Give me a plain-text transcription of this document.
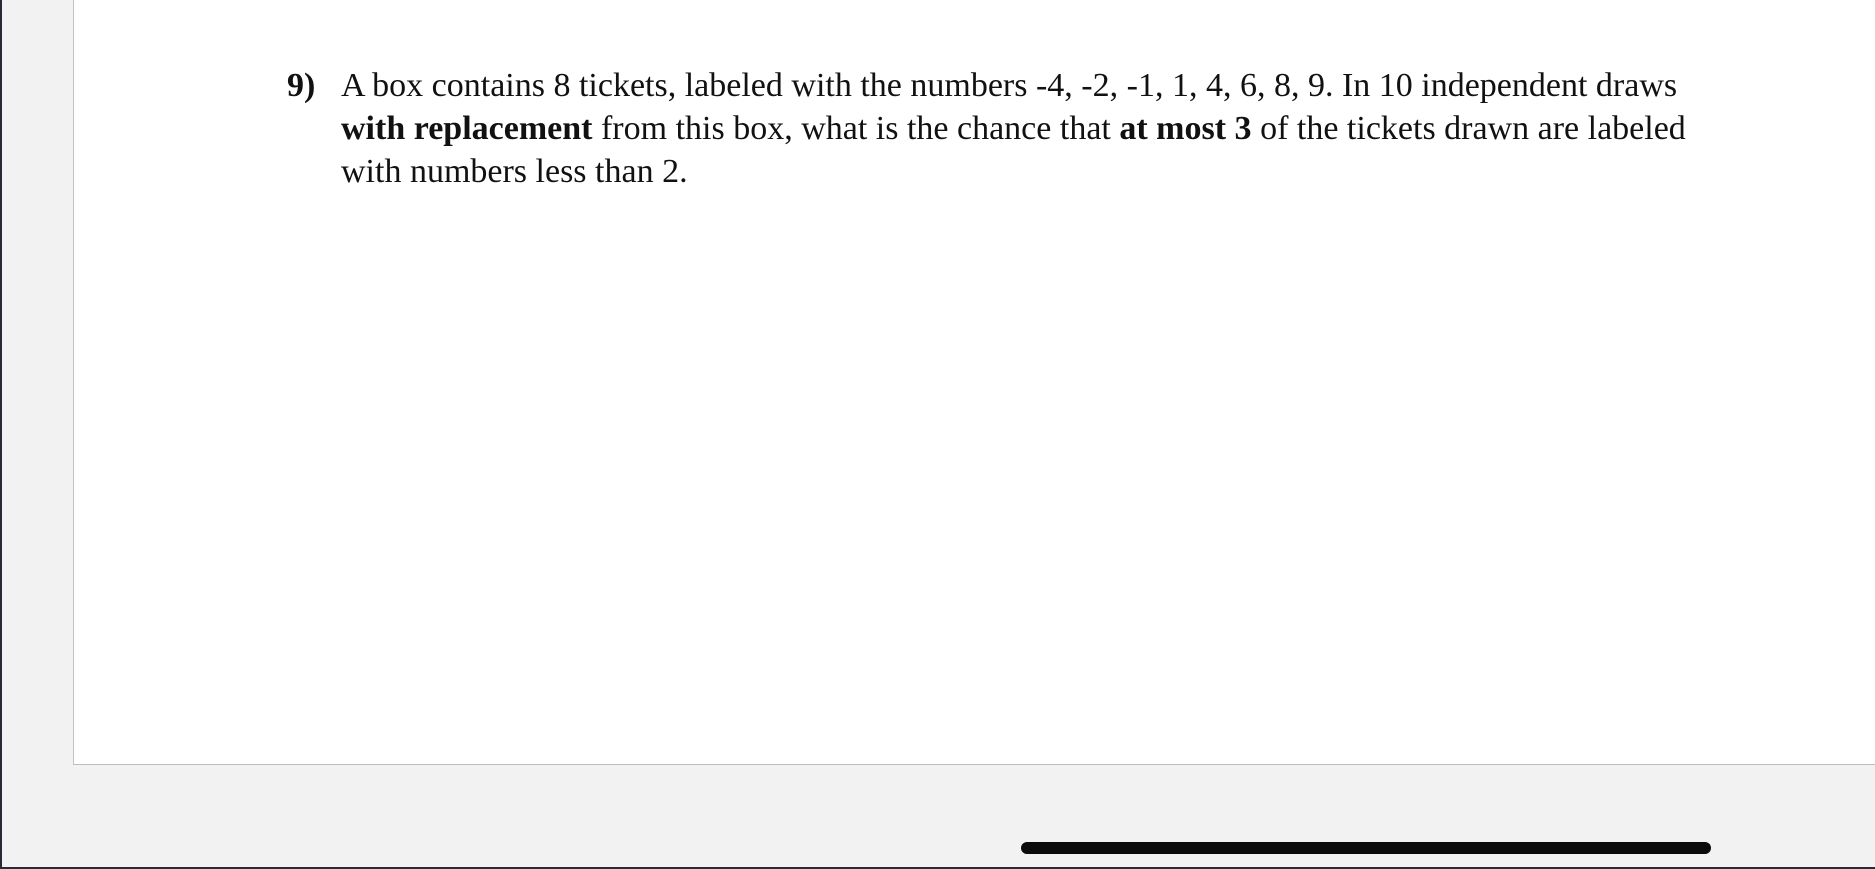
9) A box contains 8 tickets, labeled with the numbers -4, -2, -1, 1, 4, 6, 8, 9. In 10 independent draws with replacement from this box, what is the chance that at most 3 of the tickets drawn are labeled with numbers less than 2.
